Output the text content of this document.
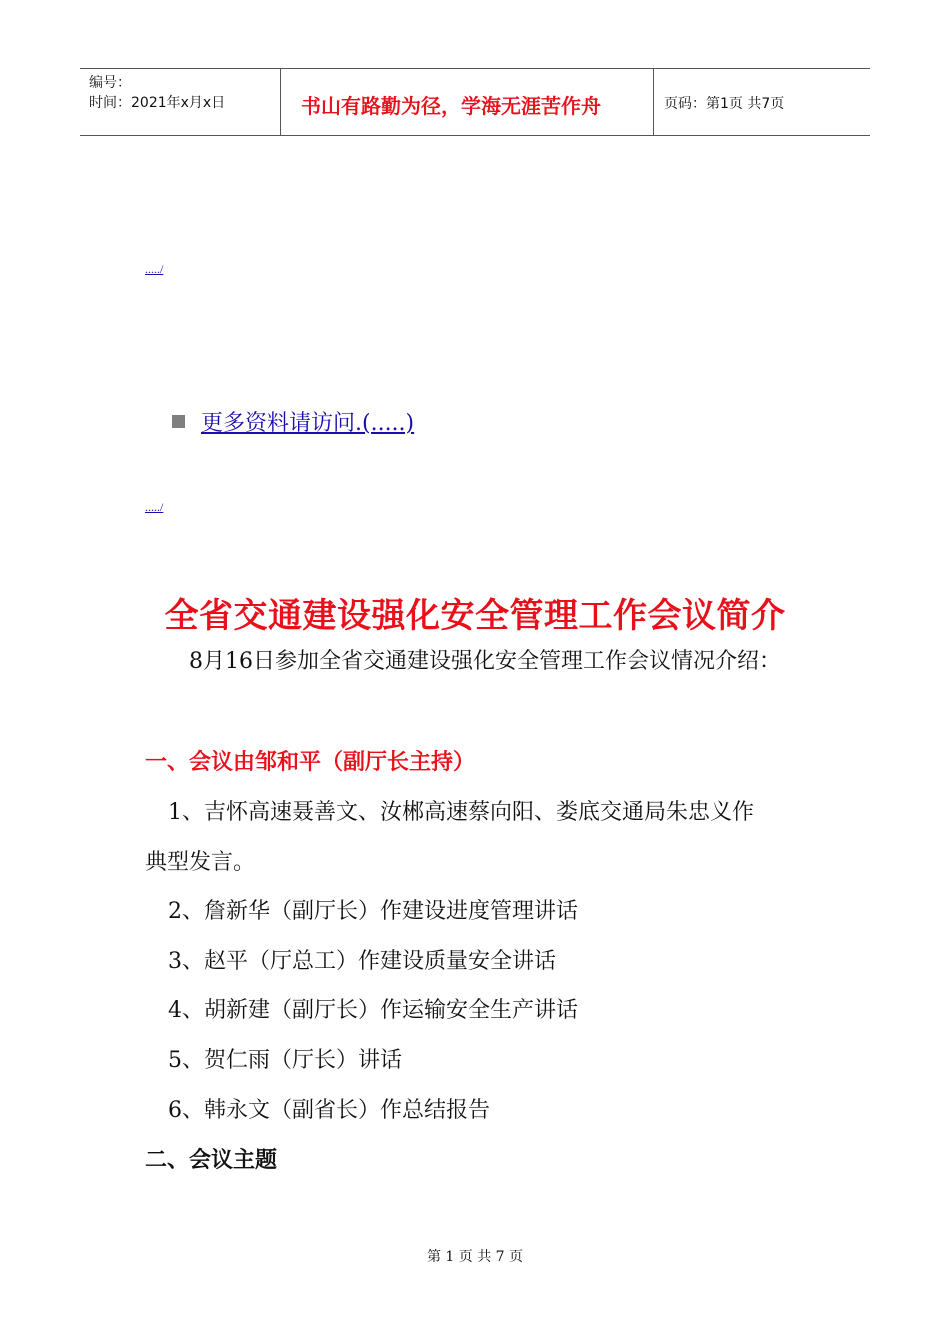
编号：
时间：2021年x月x日	书山有路勤为径，学海无涯苦作舟	页码：第1页 共7页
...../
更多资料请访问.(.....)
...../
全省交通建设强化安全管理工作会议简介
8月16日参加全省交通建设强化安全管理工作会议情况介绍：
一、会议由邹和平（副厅长主持）
1、吉怀高速聂善文、汝郴高速蔡向阳、娄底交通局朱忠义作
典型发言。
2、詹新华（副厅长）作建设进度管理讲话
3、赵平（厅总工）作建设质量安全讲话
4、胡新建（副厅长）作运输安全生产讲话
5、贺仁雨（厅长）讲话
6、韩永文（副省长）作总结报告
二、会议主题
第 1 页 共 7 页
